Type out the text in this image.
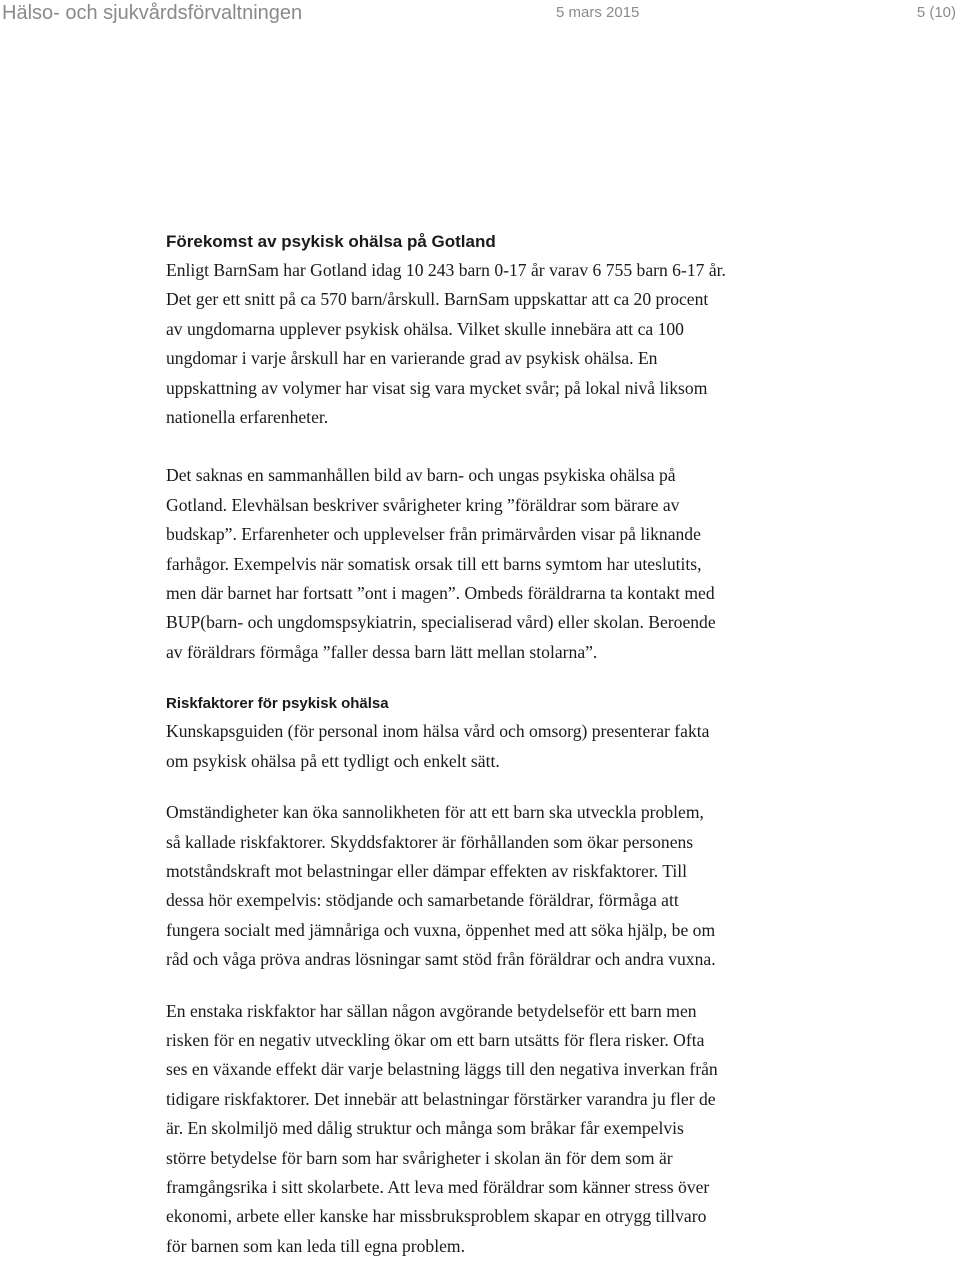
Hälso- och sjukvårdsförvaltningen	5 mars 2015	5 (10)
Förekomst av psykisk ohälsa på Gotland

Enligt BarnSam har Gotland idag 10 243 barn 0-17 år varav 6 755 barn 6-17 år.
Det ger ett snitt på ca 570 barn/årskull. BarnSam uppskattar att ca 20 procent
av ungdomarna upplever psykisk ohälsa. Vilket skulle innebära att ca 100
ungdomar i varje årskull har en varierande grad av psykisk ohälsa. En
uppskattning av volymer har visat sig vara mycket svår; på lokal nivå liksom
nationella erfarenheter.

Det saknas en sammanhållen bild av barn- och ungas psykiska ohälsa på
Gotland. Elevhälsan beskriver svårigheter kring ”föräldrar som bärare av
budskap”. Erfarenheter och upplevelser från primärvården visar på liknande
farhågor. Exempelvis när somatisk orsak till ett barns symtom har uteslutits,
men där barnet har fortsatt ”ont i magen”. Ombeds föräldrarna ta kontakt med
BUP(barn- och ungdomspsykiatrin, specialiserad vård) eller skolan. Beroende
av föräldrars förmåga ”faller dessa barn lätt mellan stolarna”.

Riskfaktorer för psykisk ohälsa

Kunskapsguiden (för personal inom hälsa vård och omsorg) presenterar fakta
om psykisk ohälsa på ett tydligt och enkelt sätt.

Omständigheter kan öka sannolikheten för att ett barn ska utveckla problem,
så kallade riskfaktorer. Skyddsfaktorer är förhållanden som ökar personens
motståndskraft mot belastningar eller dämpar effekten av riskfaktorer. Till
dessa hör exempelvis: stödjande och samarbetande föräldrar, förmåga att
fungera socialt med jämnåriga och vuxna, öppenhet med att söka hjälp, be om
råd och våga pröva andras lösningar samt stöd från föräldrar och andra vuxna.

En enstaka riskfaktor har sällan någon avgörande betydelseför ett barn men
risken för en negativ utveckling ökar om ett barn utsätts för flera risker. Ofta
ses en växande effekt där varje belastning läggs till den negativa inverkan från
tidigare riskfaktorer. Det innebär att belastningar förstärker varandra ju fler de
är. En skolmiljö med dålig struktur och många som bråkar får exempelvis
större betydelse för barn som har svårigheter i skolan än för dem som är
framgångsrika i sitt skolarbete. Att leva med föräldrar som känner stress över
ekonomi, arbete eller kanske har missbruksproblem skapar en otrygg tillvaro
för barnen som kan leda till egna problem.
